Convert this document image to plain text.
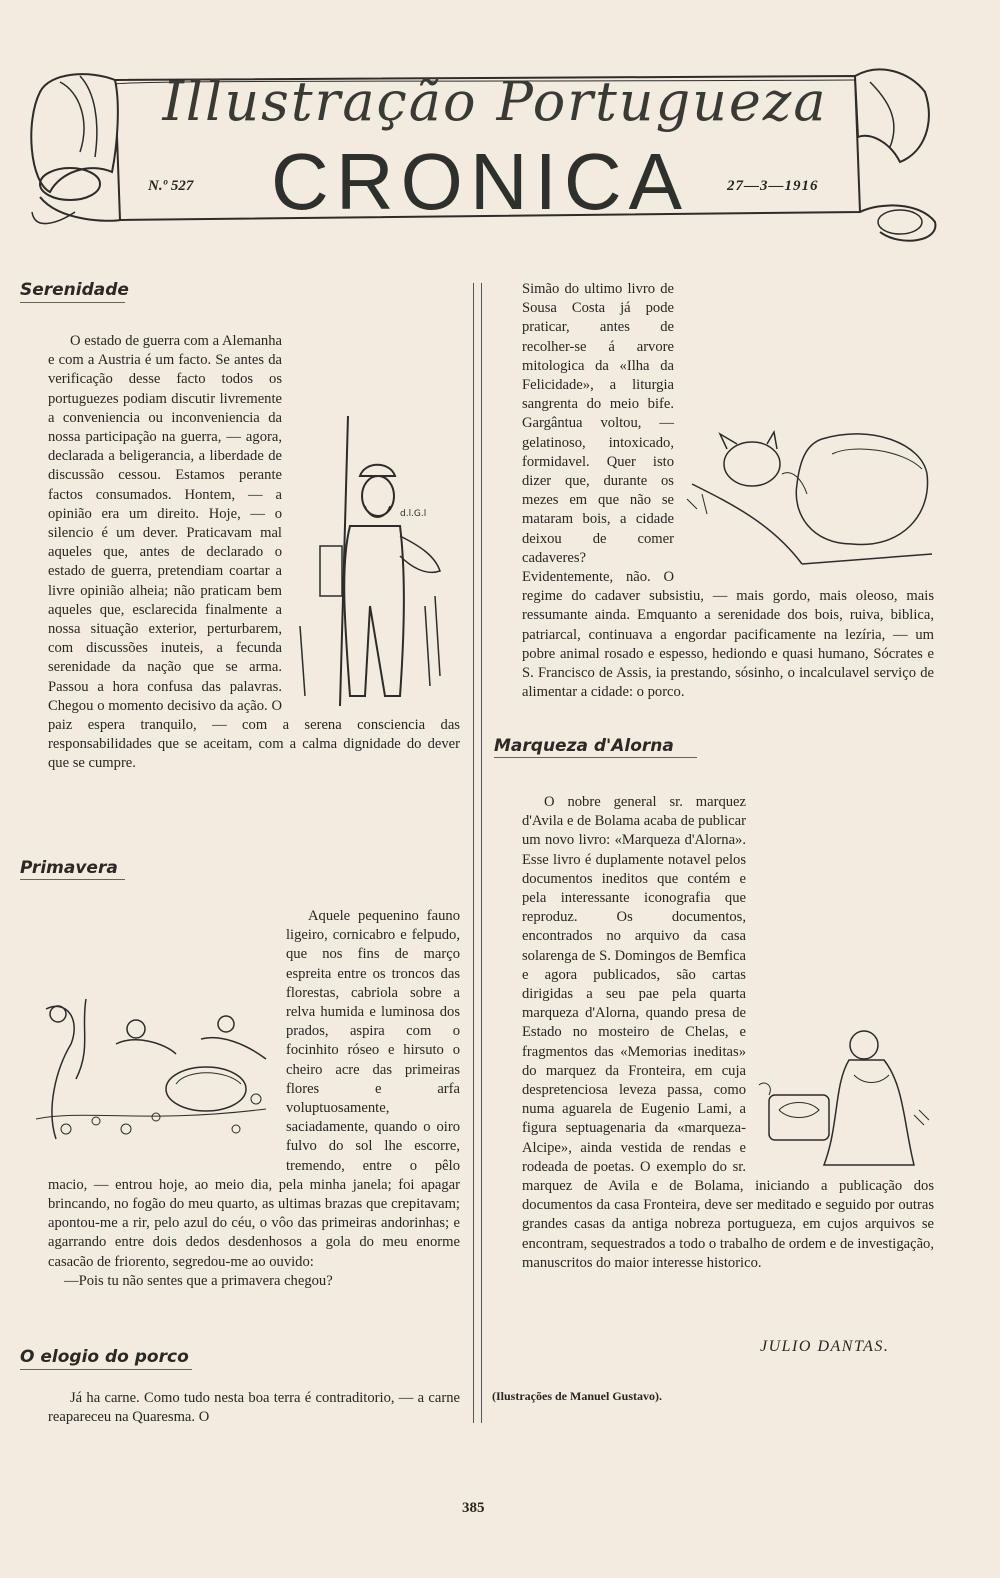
Illustração Portugueza
CRONICA
N.º 527	27—3—1916
Serenidade
d.l.G.l

O estado de guerra com a Alemanha e com a Austria é um facto. Se antes da verificação desse facto todos os portuguezes podiam discutir livremente a conveniencia ou inconveniencia da nossa participação na guerra, — agora, declarada a beligerancia, a liberdade de discussão cessou. Estamos perante factos consumados. Hontem, — a opinião era um direito. Hoje, — o silencio é um dever. Praticavam mal aqueles que, antes de declarado o estado de guerra, pretendiam coartar a livre opinião alheia; não praticam bem aqueles que, esclarecida finalmente a nossa situação exterior, perturbarem, com discussões inuteis, a fecunda serenidade da nação que se arma. Passou a hora confusa das palavras. Chegou o momento decisivo da ação. O paiz espera tranquilo, — com a serena consciencia das responsabilidades que se aceitam, com a calma dignidade do dever que se cumpre.

Primavera

Aquele pequenino fauno ligeiro, cornicabro e felpudo, que nos fins de março espreita entre os troncos das florestas, cabriola sobre a relva humida e luminosa dos prados, aspira com o focinhito róseo e hirsuto o cheiro acre das primeiras flores e arfa voluptuosamente, saciadamente, quando o oiro fulvo do sol lhe escorre, tremendo, entre o pêlo macio, — entrou hoje, ao meio dia, pela minha janela; foi apagar brincando, no fogão do meu quarto, as ultimas brazas que crepitavam; apontou-me a rir, pelo azul do céu, o vôo das primeiras andorinhas; e agarrando entre dois dedos desdenhosos a gola do meu enorme casacão de friorento, segredou-me ao ouvido:

—Pois tu não sentes que a primavera chegou?

O elogio do porco

Já ha carne. Como tudo nesta boa terra é contraditorio, — a carne reapareceu na Quaresma. O

Simão do ultimo livro de Sousa Costa já pode praticar, antes de recolher-se á arvore mitologica da «Ilha da Felicidade», a liturgia sangrenta do meio bife. Gargântua voltou, — gelatinoso, intoxicado, formidavel. Quer isto dizer que, durante os mezes em que não se mataram bois, a cidade deixou de comer cadaveres? Evidentemente, não. O regime do cadaver subsistiu, — mais gordo, mais oleoso, mais ressumante ainda. Emquanto a serenidade dos bois, ruiva, biblica, patriarcal, continuava a engordar pacificamente na lezíria, — um pobre animal rosado e espesso, hediondo e quasi humano, Sócrates e S. Francisco de Assis, ia prestando, sósinho, o incalculavel serviço de alimentar a cidade: o porco.

Marqueza d'Alorna

O nobre general sr. marquez d'Avila e de Bolama acaba de publicar um novo livro: «Marqueza d'Alorna». Esse livro é duplamente notavel pelos documentos ineditos que contém e pela interessante iconografia que reproduz. Os documentos, encontrados no arquivo da casa solarenga de S. Domingos de Bemfica e agora publicados, são cartas dirigidas a seu pae pela quarta marqueza d'Alorna, quando presa de Estado no mosteiro de Chelas, e fragmentos das «Memorias ineditas» do marquez da Fronteira, em cuja despretenciosa leveza passa, como numa aguarela de Eugenio Lami, a figura septuagenaria da «marqueza-Alcipe», ainda vestida de rendas e rodeada de poetas. O exemplo do sr. marquez de Avila e de Bolama, iniciando a publicação dos documentos da casa Fronteira, deve ser meditado e seguido por outras grandes casas da antiga nobreza portugueza, em cujos arquivos se encontram, sequestrados a todo o trabalho de ordem e de investigação, manuscritos do maior interesse historico.

JULIO DANTAS.
(Ilustrações de Manuel Gustavo).
385
